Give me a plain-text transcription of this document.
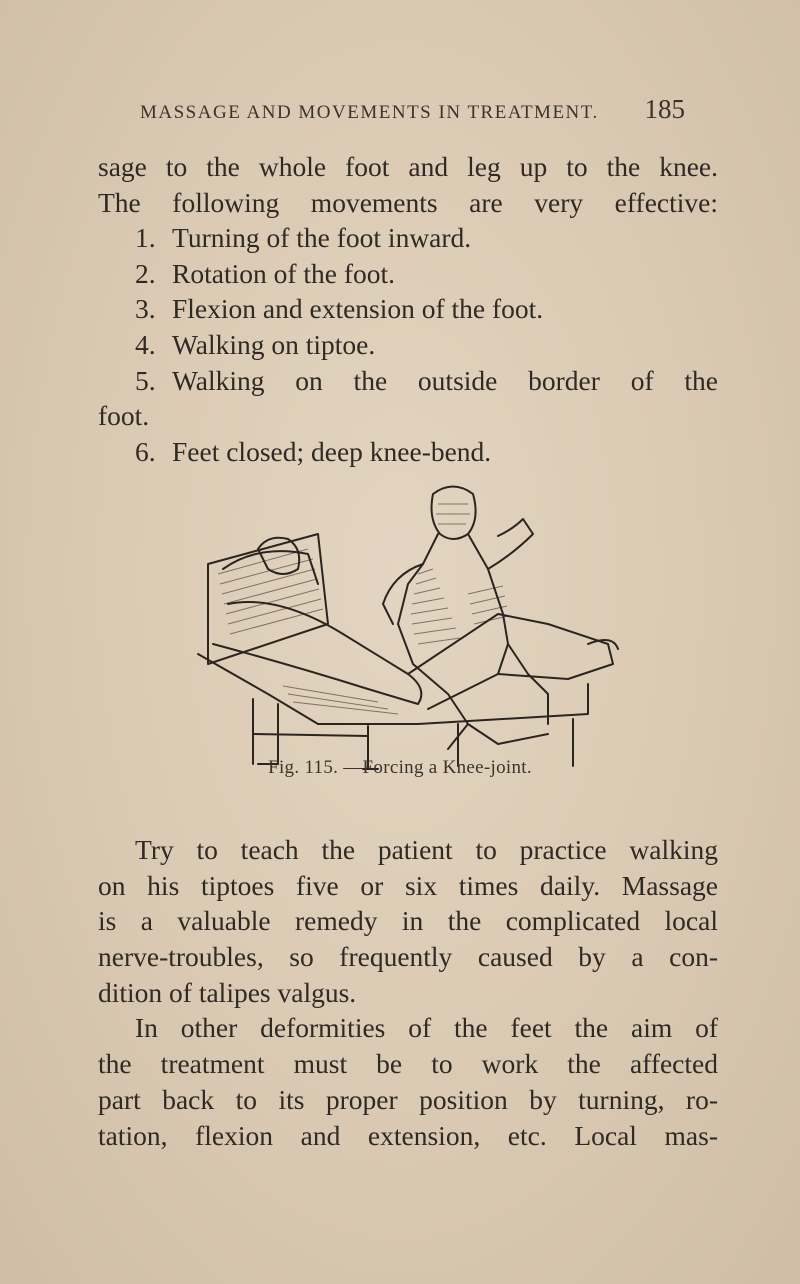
MASSAGE AND MOVEMENTS IN TREATMENT. 185
sage to the whole foot and leg up to the knee.
The following movements are very effective:
1. Turning of the foot inward.
2. Rotation of the foot.
3. Flexion and extension of the foot.
4. Walking on tiptoe.
5. Walking on the outside border of the
foot.
6. Feet closed; deep knee-bend.
Fig. 115. —Forcing a Knee-joint.
Try to teach the patient to practice walking
on his tiptoes five or six times daily. Massage
is a valuable remedy in the complicated local
nerve-troubles, so frequently caused by a con-
dition of talipes valgus.
In other deformities of the feet the aim of
the treatment must be to work the affected
part back to its proper position by turning, ro-
tation, flexion and extension, etc. Local mas-
